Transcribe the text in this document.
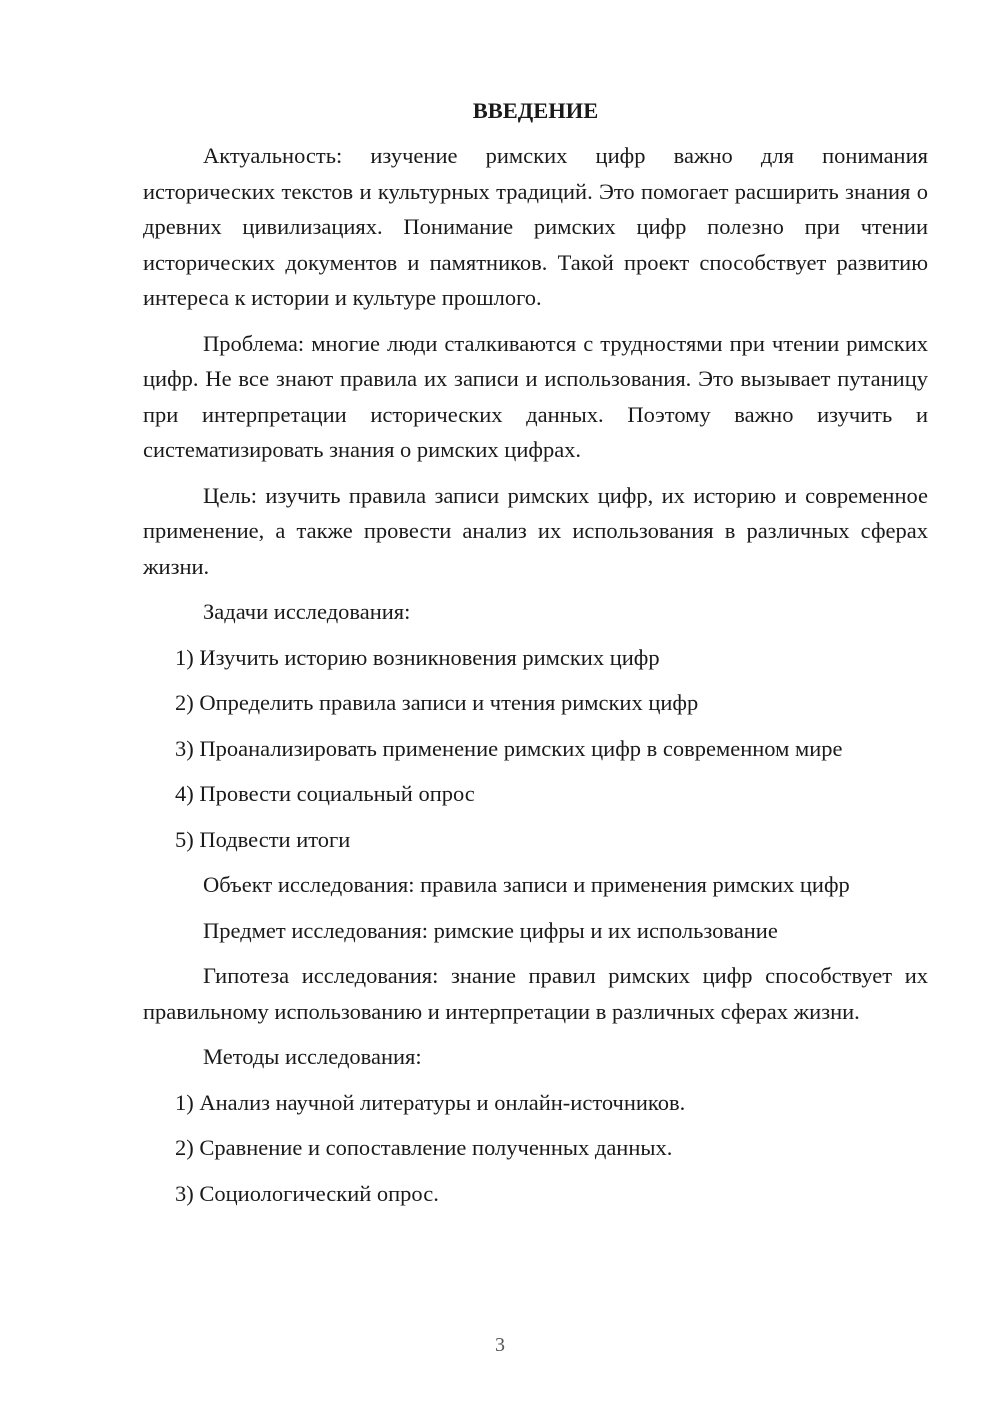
ВВЕДЕНИЕ

Актуальность: изучение римских цифр важно для понимания исторических текстов и культурных традиций. Это помогает расширить знания о древних цивилизациях. Понимание римских цифр полезно при чтении исторических документов и памятников. Такой проект способствует развитию интереса к истории и культуре прошлого.

Проблема: многие люди сталкиваются с трудностями при чтении римских цифр. Не все знают правила их записи и использования. Это вызывает путаницу при интерпретации исторических данных. Поэтому важно изучить и систематизировать знания о римских цифрах.

Цель: изучить правила записи римских цифр, их историю и современное применение, а также провести анализ их использования в различных сферах жизни.

Задачи исследования:

1) Изучить историю возникновения римских цифр
2) Определить правила записи и чтения римских цифр
3) Проанализировать применение римских цифр в современном мире
4) Провести социальный опрос
5) Подвести итоги

Объект исследования: правила записи и применения римских цифр

Предмет исследования: римские цифры и их использование

Гипотеза исследования: знание правил римских цифр способствует их правильному использованию и интерпретации в различных сферах жизни.

Методы исследования:

1) Анализ научной литературы и онлайн-источников.
2) Сравнение и сопоставление полученных данных.
3) Социологический опрос.
3
